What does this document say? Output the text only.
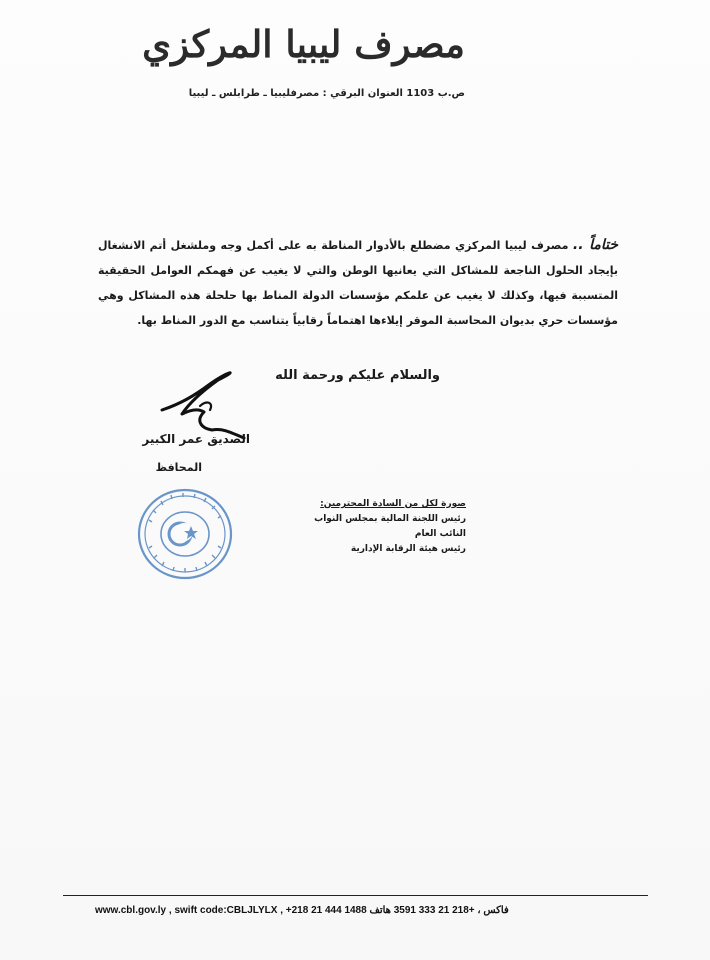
مصرف ليبيا المركزي
ص.ب 1103 العنوان البرقي : مصرفليبيا ـ طرابلس ـ ليبيا
ختاماً .. مصرف ليبيا المركزي مضطلع بالأدوار المناطة به على أكمل وجه وملشغل أتم الانشغال بإيجاد الحلول الناجعة للمشاكل التي يعانيها الوطن والتي لا يغيب عن فهمكم العوامل الحقيقية المتسببة فيها، وكذلك لا يغيب عن علمكم مؤسسات الدولة المناط بها حلحلة هذه المشاكل وهي مؤسسات حري بديوان المحاسبة الموقر إيلاءها اهتماماً رقابياً يتناسب مع الدور المناط بها.
والسلام عليكم ورحمة الله
الصديق عمر الكبير
المحافظ
صورة لكل من السادة المحترمين:
رئيس اللجنة المالية بمجلس النواب
النائب العام
رئيس هيئة الرقابة الإدارية
www.cbl.gov.ly , swift code:CBLJLYLX , +218 21 444 1488 فاكس ، +218 21 333 3591 هاتف
